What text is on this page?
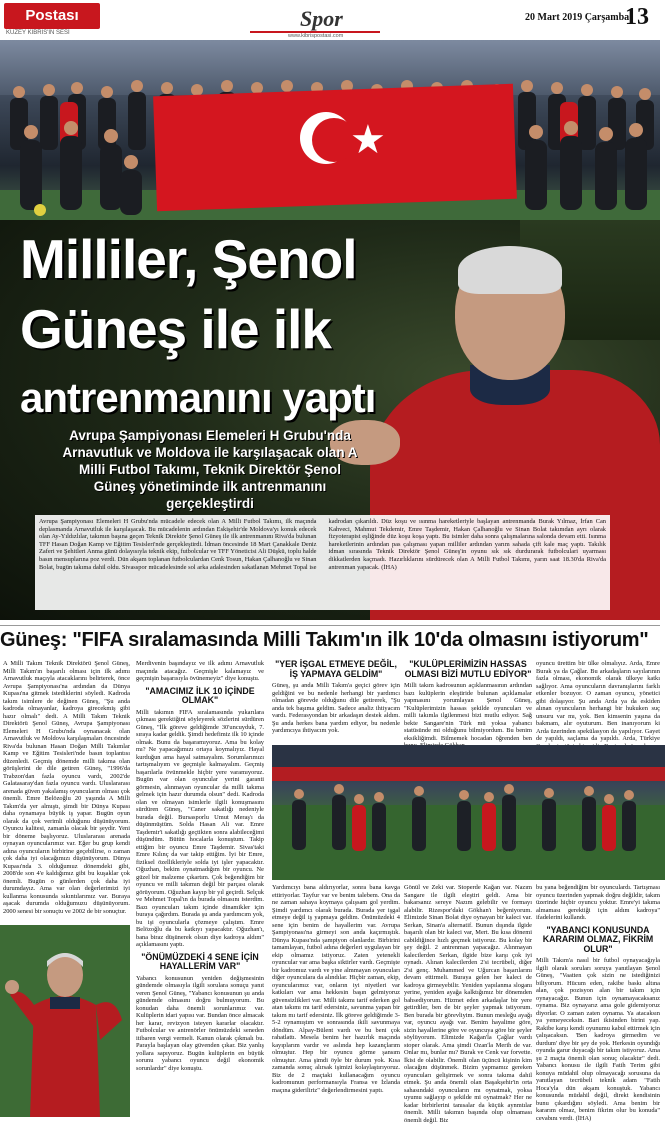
Postası
KUZEY KIBRIS'IN SESİ
Spor
www.kibrispostasi.com
20 Mart 2019 Çarşamba
13
★
Milliler, Şenol
Güneş ile ilk
antrenmanını yaptı
Avrupa Şampiyonası Elemeleri H Grubu'nda Arnavutluk ve Moldova ile karşılaşacak olan A Milli Futbol Takımı, Teknik Direktör Şenol Güneş yönetiminde ilk antrenmanını gerçekleştirdi
Avrupa Şampiyonası Elemeleri H Grubu'nda mücadele edecek olan A Milli Futbol Takımı, ilk maçında deplasmanda Arnavutluk ile karşılaşacak. Bu mücadelenin ardından Eskişehir'de Moldova'yı konuk edecek olan Ay-Yıldızlılar, takımın başına geçen Teknik Direktör Şenol Güneş ile ilk antrenmanını Riva'da bulunan TFF Hasan Doğan Kamp ve Eğitim Tesisleri'nde gerçekleştirdi. İdman öncesinde 18 Mart Çanakkale Deniz Zaferi ve Şehitleri Anma günü dolayısıyla teknik ekip, futbolcular ve TFF Yöneticisi Ali Düşkü, toplu halde basın mensuplarına poz verdi. Dün akşam toplanan futbolculardan Cenk Tosun, Hakan Çalhanoğlu ve Sinan Bolat, bugün takıma dahil oldu. Sivasspor mücadelesinde sol arka adalesinden sakatlanan Mehmet Topal ise kadrodan çıkarıldı. Düz koşu ve ısınma hareketleriyle başlayan antrenmanda Burak Yılmaz, İrfan Can Kahveci, Mahmut Tekdemir, Emre Taşdemir, Hakan Çalhanoğlu ve Sinan Bolat takımdan ayrı olarak fizyoterapist eşliğinde düz koşu koşa yaptı. Bu isimler daha sonra çalışmalarına salonda devam etti. Isınma hareketlerinin ardından pas çalışması yapan milliler ardından yarım sahada çift kale maç yaptı. Takılık idman sırasında Teknik Direktör Şenol Güneş'in oyunu sık sık durdurarak futbolculari uyarması dikkatlerden kaçmadı. Hazırlıklarını sürdürecek olan A Milli Futbol Takımı, yarın saat 18.30'da Riva'da antrenman yapacak. (İHA)
Güneş: "FIFA sıralamasında Milli Takım'ın ilk 10'da olmasını istiyorum"
A Milli Takım Teknik Direktörü Şenol Güneş, Milli Takım'ın başarılı olması için ilk adımı Arnavutluk maçıyla atacaklarını belirterek, önce Avrupa Şampiyonası'na ardından da Dünya Kupası'na gitmek istediklerini söyledi. Kadroda takım isimlere de değinen Güneş, "Şu anda kadroda olmayanlar, kadroya girecekmiş gibi hazır olmalı" dedi. A Milli Takım Teknik Direktörü Şenol Güneş, Avrupa Şampiyonası Elemeleri H Grubu'nda oynanacak olan Arnavutluk ve Moldova karşılaşmaları öncesinde Riva'da bulunan Hasan Doğan Milli Takımlar Kamp ve Eğitim Tesisleri'nde basın toplantısı düzenledi. Geçmiş dönemde milli takıma olan görüşlerini de dile getiren Güneş, "1996'da Trabzon'dan fazla oyuncu vardı, 2002'de Galatasaray'dan fazla oyuncu vardı. Uluslararası arenada güven yakalamış oyuncuların olması çok önemli. Emre Belözoğlu 20 yaşında A Milli Takım'da yer almıştı, şimdi bir Dünya Kupası daha oynamaya büyük iş yapar. Bugün oyun olarak da çok verimli olduğunu düşünüyorum. Oyuncu kalitesi, zamanla olacak bir şeydir. Yeni bir döneme başlıyoruz. Uluslararası arenada oynayan oyuncularımız var. Eğer bu grup kendi adına oyuncuların birbirine geçebilirse, o zaman çok daha iyi olacağımızı düşünüyorum. Dünya Kupası'nda 3. olduğumuz dönemdeki gibi, 2008'de son 4'e kaldığımız gibi bu kuşaklar çok önemli. Bugün o günlerden çok daha iyi durumdayız. Ama var olan değerlerimizi iyi kullanma konusunda sıkıntılarımız var. Buraya aşacak durumda olduğumuzu düşünüyorum. 2000 senesi bir sonuçtu ve 2002 de bir sonuçtur.
Merdivenin başındayız ve ilk adımı Arnavutluk maçında atacağız. Geçmişle kalamayız ve geçmişin başarısıyla övünemeyiz" diye konuştu.
"AMACIMIZ İLK 10 İÇİNDE OLMAK"
Milli takımın FIFA sıralamasında yukarılara çıkması gerektiğini söyleyerek sözlerini sürdüren Güneş, "İlk göreve geldiğimde 30'uncuyduk, 7. sıraya kadar geldik. Şimdi hedefimiz ilk 10 içinde olmak. Bunu da başaramıyoruz. Ama bu kolay mı? Ne yapacağımızı ortaya koymalıyız. Hayal kurduğun ama hayal satmayalım. Sorumlarımızı tartışmalıyım ve geçmişle kalmayalım. Geçmiş başarılarla övünmekle hiçbir yere varamıyoruz. Bugün var olan oyuncular yerini garanti görmesin, alınmayan oyuncular da milli takıma gelmek için hazır durumda olsun" dedi. Kadroda olan ve olmayan isimlerle ilgili konuşmasını sürdüren Güneş, "Caner sakatlığı nedeniyle burada değil. Bursasporlu Umut Meraş'ı da düşünmüştüm. Solda Hasan Ali var. Emre Taşdemir'i sakatlığı geçtikten sonra alabileceğimi düşündüm. Bütün hocalarla konuştum. Takip ettiğim bir oyuncu Emre Taşdemir. Sivas'taki Emre Kılınç da var takip ettiğim. İyi bir Emre, fiziksel özellikleriyle solda iyi işler yapacaktır. Oğuzhan, bekim oynatmadığım bir oyuncu. Ne güzel bir malzeme çıkartım. Çok beğendiğim bir oyuncu ve milli takımın değil bir parçası olarak görüyorum. Oğuzhan kayıp bir yıl geçirdi. Selçuk ve Mehmet Topal'ın da burada olmasını isterdim. Bazı oyuncuları takım içinde dinamikler için buraya çağırdım. Burada şu anda yardımcım yok, bu işi oyuncularla çözmeye çalıştım. Emre Belözoğlu da bu katkıyı yapacaktır. Oğuzhan'ı, bana biraz düşünerek olsun diye kadroya aldım" açıklamasını yaptı.
"ÖNÜMÜZDEKİ 4 SENE İÇİN HAYALLERİM VAR"
Yabancı konusunun yeniden değişmesinin gündemde olmasıyla ilgili sorulara sonuçu yanıt veren Şenol Güneş, "Yabancı konusunun şu anda gündemde olmasını doğru bulmuyorum. Bu konudan daha önemli sorunlarımız var. Kulüplerin idari yapısı var. Bundan önce almacak her karar, revizyon isteyen kararlar olacaktır. Futbolcular ve antrenörler önümüzdeki seneden itibaren vergi vermeli. Kanun olarak çıkmalı bu. Parayla başlayan olay güvenden çıkar. Biz yanlış yollara sapıyoruz. Bugün kulüplerin en büyük sorunu yabancı oyuncu değil ekonomik sorunlardır" diye konuştu.
"YER İŞGAL ETMEYE DEĞİL, İŞ YAPMAYA GELDİM"
Güneş, şu anda Milli Takım'a geçici görev için geldiğini ve bu nedenle herhangi bir yardımcı olmadan görevde olduğunu dile getirerek, "Şu anda tek başıma geldim. Sadece analiz ihtiyacım vardı. Federasyondan bir arkadaşın destek aldım. Şu anda herkes bana yardım ediyor, bu nedenle yardımcıya ihtiyacım yok.
"KULÜPLERİMİZİN HASSAS OLMASI BİZİ MUTLU EDİYOR"
Milli takım kadrosunun açıklanmasının ardından bazı kulüplerin eleştiride bulunan açıklamalar yapmasını yorumlayan Şenol Güneş, "Kulüplerimizin hassas şekilde oyuncuları ve milli takımla ilgilenmesi bizi mutlu ediyor. Sağ bekte Sangare'nin Türk mü yoksa yabancı statüsünde mi olduğunu bilmiyordum. Bu benim eksikliğimdi. Bilmemek hocadan öğrenden ben
oyuncu ürettim bir ülke olmalıyız. Arda, Emre Burak ya da Çağlar. Bu arkadaşların sayılarının fazla olması, ekonomik olarak ülkeye katkı sağlıyor. Ama oyuncuların davranışlarını farklı etkenler bozuyor. O zaman oyuncu, yönetici gibi dolaşıyor. Şu anda Arda ya da eskiden alınan oyuncuların herhangi bir hukuken suç unsuru var mı, yok. Ben kimsenin yaşına da bakmam, alır oyuturum. Ben inanıyorum ki Arda üzerinden spekülasyon da yapılıyor. Gayet de yapıldı, saçlama da yapıldı. Arda, Türkiye
Yardımcıyı bana aldırıyorlar, sonra bana kavga ettiriyorlar. Tayfur var ve benim talebem. Ona da ne zaman sahaya koymaya çalışsam gol yerdim. Şimdi yardımcı olarak burada. Burada yer işgal etmeye değil iş yapmaya geldim. Önümüzdeki 4 sene için benim de hayallerim var. Avrupa Şampiyonası'na girmeyi son anda kaçırmıştık. Dünya Kupası'nda şampiyon olanlardır. Birbirini tamamlayan, futbol adına değerleri uygulayan bir ekip olmamız istiyoruz. Zaten yetenekli oyuncular var ama başka siktirler vardı. Geçmişte bir kadromuz vardı ve yine almmayan oyuncuları diğer oyunculara da alındılar. Hiçbir zaman, ekip, oyuncularımız var, onların iyi niyetleri var katkıları var ama hekkesin başın gelmiyoruz güvensizlikleri var. Milli takımı tarif ederken gol atan takımı mı tarif edersiniz, savunma yapan bir takım mı tarif edersiniz. İlk göreve geldiğimde 3-5-2 oynamıştım ve sonrasında ikili savunmaya döndüm. Alpay-Bülent vardı ve bu beni çok rahatlattı. Mesela benim her hazırlık maçında kayıplarım vardır ve aslında hep kazançlarım olmuştur. Hep bir oyuncu görme şansım olmuştur. Ama şimdi öyle bir durum yok. Kısa zamanda sonuç alırsak işimizi kolaylaştırıyoruz. Biz de 2 maçtaki kullanacağım oyuncu kadromunun performansıyla Fransa ve İzlanda maçına gideriliriz" değerlendirmesini yaptı.
Gönül ve Zeki var. Stoperde Kağan var. Nazım Sangare ile ilgili eleştiri geldi. Ama bir bakarsanız sereye Nazım gelebilir ve formayı alabilir. Rizespor'daki Gökhan'ı beğeniyorum. Elimizde Sinan Bolat diye oynayan bir kaleci var. Serkan, Sinan'a alternatif. Bunun dışında ilgide başarılı olan bir kaleci var, Mert. Bu kısa dönemi cabildiğince hızlı geçmek istiyoruz. Bu kolay bir şey değil. 2 antrenman yapacağız. Alınmayan kalecilerden Serkan, ilgide bize karşı çok iyi oynadı. Alınan kalecilerden 2'si tecrübeli, diğer 2'si genç. Muhammed ve Uğurcan başarılarını devam ettirmeli. Buraya gelen her kaleci de kadroya girmeyebilir. Yeniden yapılanma sloganı yerine, yeniden ayağa kalktığımız bir dönemden bahsediyorum. Hizmet eden arkadaşlar bir yere getirdiler, ben de bir şeyler yapmak istiyorum. Ben burada bir görevliyim. Bunun mesleğu ayağı var, oyuncu ayağı var. Benim hayalime göre, sizin hayallerine göre ve oyuncuya göre bir şeyler söylüyorum. Elimizde Kağan'la Çağlar vardı stoper olarak. Ama şimdi Ozan'la Merih de var. Onlar mı, bunlar mı? Burak ve Cenk var forvette. İkisi de olabilir. Önemli olan üçüncü kişinin kim olacağını düşünmek. Bizim yapmamız gereken oyuncuları gelişirmek ve sonra takıma dahil etmek. Şu anda önemli olan Başakşehir'in orta sahasındaki oyuncuların mı oynatmak, yoksa uyumu sağlayıp o şekilde mi oynatmak? Her ne kadar birbirlerini tanısalar da küçük aynmtılar önemli. Milli takımın başında olup olmaması önemli değil. Biz
bu yana beğendiğim bir oyunculardı. Tartışması oyuncu üzerinden yapmak doğru değildir, takım üzerinde hiçbir oyuncu yoktur. Emre'yi takıma almaması gerektiği için aldım kadroya" ifadelerini kullandı.
"YABANCI KONUSUNDA KARARIM OLMAZ, FİKRİM OLUR"
Milli Takım'a nasıl bir futbol oynayacağıyla ilgili olarak soruları soruya yanıtlayan Şenol Güneş, "Vaatten çok sizin ne istediğinizi biliyorum. Hücum eden, rakibe baskı altına alan, çok pozisyon alan bir takım için oynayacağız. Bunun için oynamayacaksanız oynama. Biz oynayarız ama gole gidemiyoruz diyorlar. O zaman zaten oynama. Ya atacaksın ya yemeyeceksin. Bari ikisinden birini yap. Rakibe karşı kendi oyunumu kabul ettirmek için çalışacaksın. 'Ben kadroya girmedim ve durdum' diye bir şey de yok. Herkesin oyundığı oyunda garur duyacağı bir takım istiyoruz. Ama şu 2 maçta önemli olan sonuç olacaktır" dedi. Yabancı konusu ile ilgili Fatih Terim gibi konuya müdahil olup olmayacağı sorusuna da yanıtlayan tecrübeli teknik adam "Fatih Hoca'yla dün akşam konuştuk. Yabancı konusunda müdahil değil, direkt kendisinin bunu çıkardığını söyledi. Ama benim bir kararım olmaz, benim fikrim olur bu konuda" cevabını verdi. (İHA)
